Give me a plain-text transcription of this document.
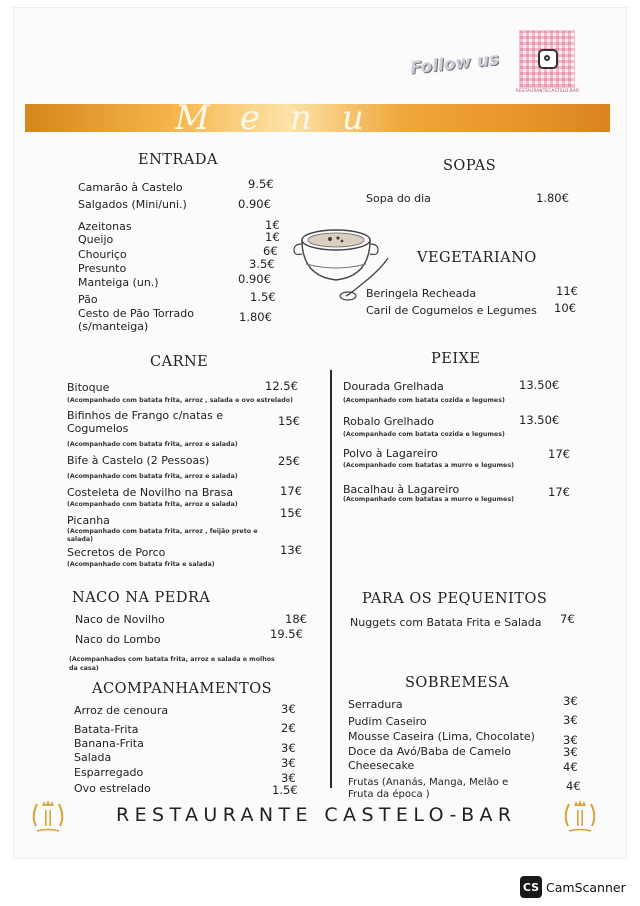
Follow us
RESTAURANTECASTELO.BAR
Menu
ENTRADA
Camarão à Castelo	9.5€
Salgados (Mini/uni.)	0.90€
Azeitonas	1€
Queijo	1€
Chouriço	6€
Presunto	3.5€
Manteiga (un.)	0.90€
Pão	1.5€
Cesto de Pão Torrado	1.80€
(s/manteiga)
SOPAS
Sopa do dia	1.80€
VEGETARIANO
Beringela Recheada	11€
Caril de Cogumelos e Legumes 10€
CARNE
Bitoque	12.5€
(Acompanhado com batata frita, arroz , salada e ovo estrelado)
Bifinhos de Frango c/natas e
Cogumelos
15€
(Acompanhado com batata frita, arroz e salada)
Bife à Castelo (2 Pessoas)	25€
(Acompanhado com batata frita, arroz e salada)
Costeleta de Novilho na Brasa	17€
(Acompanhado com batata frita, arroz e salada)
Picanha
15€
(Acompanhado com batata frita, arroz , feijão preto e
salada)
Secretos de Porco	13€
(Acompanhado com batata frita e salada)
PEIXE
Dourada Grelhada	13.50€
(Acompanhado com batata cozida e legumes)
Robalo Grelhado	13.50€
(Acompanhado com batata cozida e legumes)
Polvo à Lagareiro	17€
(Acompanhado com batatas a murro e legumes)
Bacalhau à Lagareiro	17€
(Acompanhado com batatas a murro e legumes)
NACO NA PEDRA
Naco de Novilho	18€
Naco do Lombo	19.5€
(Acompanhados com batata frita, arroz e salada e molhos
da casa)
PARA OS PEQUENITOS
Nuggets com Batata Frita e Salada 7€
ACOMPANHAMENTOS
Arroz de cenoura	3€
Batata-Frita	2€
Banana-Frita	3€
Salada	3€
Esparregado	3€
Ovo estrelado	1.5€
SOBREMESA
Serradura	3€
Pudim Caseiro	3€
Mousse Caseira (Lima, Chocolate) 3€
Doce da Avó/Baba de Camelo	3€
Cheesecake	4€
Frutas (Ananás, Manga, Melão e
Fruta da época )
4€
RESTAURANTE CASTELO-BAR
CS CamScanner
